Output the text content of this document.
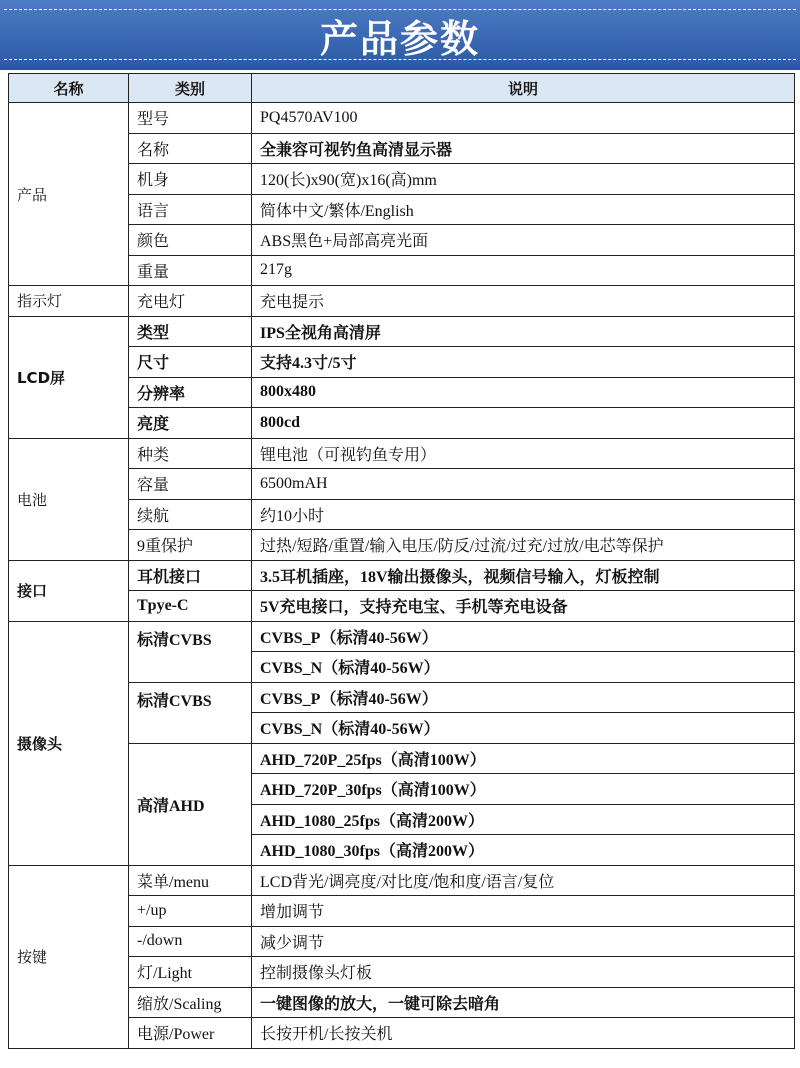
产品参数
名称	类别	说明
产品	型号	PQ4570AV100
	名称	全兼容可视钓鱼高清显示器
	机身	120(长)x90(宽)x16(高)mm
	语言	简体中文/繁体/English
	颜色	ABS黑色+局部高亮光面
	重量	217g
指示灯	充电灯	充电提示
LCD屏	类型	IPS全视角高清屏
	尺寸	支持4.3寸/5寸
	分辨率	800x480
	亮度	800cd
电池	种类	锂电池（可视钓鱼专用）
	容量	6500mAH
	续航	约10小时
	9重保护	过热/短路/重置/输入电压/防反/过流/过充/过放/电芯等保护
接口	耳机接口	3.5耳机插座，18V输出摄像头，视频信号输入，灯板控制
	Tpye-C	5V充电接口，支持充电宝、手机等充电设备
摄像头	标清CVBS	CVBS_P（标清40-56W）
		CVBS_N（标清40-56W）
	标清CVBS	CVBS_P（标清40-56W）
		CVBS_N（标清40-56W）
	高清AHD	AHD_720P_25fps（高清100W）
		AHD_720P_30fps（高清100W）
		AHD_1080_25fps（高清200W）
		AHD_1080_30fps（高清200W）
按键	菜单/menu	LCD背光/调亮度/对比度/饱和度/语言/复位
	+/up	增加调节
	-/down	减少调节
	灯/Light	控制摄像头灯板
	缩放/Scaling	一键图像的放大，一键可除去暗角
	电源/Power	长按开机/长按关机
